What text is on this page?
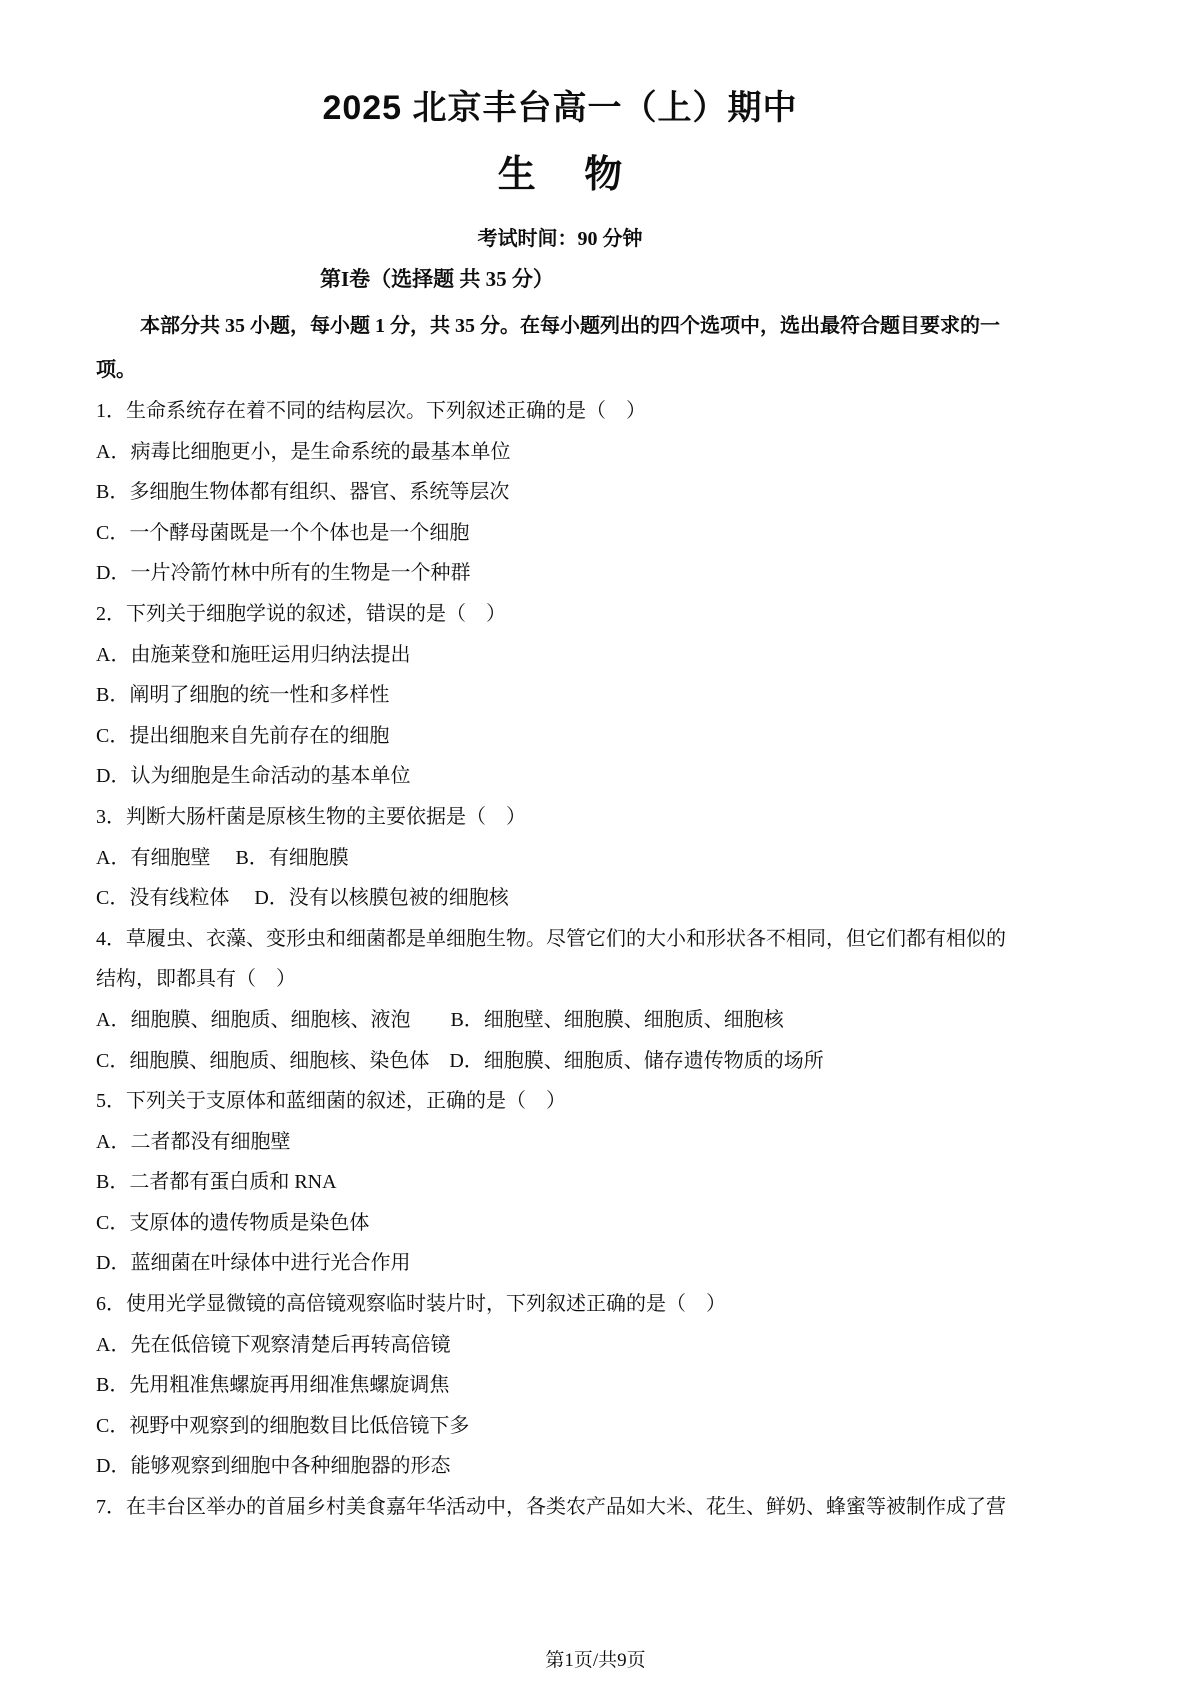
2025 北京丰台高一（上）期中
生　 物
考试时间：90 分钟
第I卷（选择题 共 35 分）
本部分共 35 小题，每小题 1 分，共 35 分。在每小题列出的四个选项中，选出最符合题目要求的一
项。
1．生命系统存在着不同的结构层次。下列叙述正确的是（　）
A．病毒比细胞更小，是生命系统的最基本单位
B．多细胞生物体都有组织、器官、系统等层次
C．一个酵母菌既是一个个体也是一个细胞
D．一片冷箭竹林中所有的生物是一个种群
2．下列关于细胞学说的叙述，错误的是（　）
A．由施莱登和施旺运用归纳法提出
B．阐明了细胞的统一性和多样性
C．提出细胞来自先前存在的细胞
D．认为细胞是生命活动的基本单位
3．判断大肠杆菌是原核生物的主要依据是（　）
A．有细胞壁　 B．有细胞膜
C．没有线粒体　 D．没有以核膜包被的细胞核
4．草履虫、衣藻、变形虫和细菌都是单细胞生物。尽管它们的大小和形状各不相同，但它们都有相似的
结构，即都具有（　）
A．细胞膜、细胞质、细胞核、液泡　　B．细胞壁、细胞膜、细胞质、细胞核
C．细胞膜、细胞质、细胞核、染色体　D．细胞膜、细胞质、储存遗传物质的场所
5．下列关于支原体和蓝细菌的叙述，正确的是（　）
A．二者都没有细胞壁
B．二者都有蛋白质和 RNA
C．支原体的遗传物质是染色体
D．蓝细菌在叶绿体中进行光合作用
6．使用光学显微镜的高倍镜观察临时装片时，下列叙述正确的是（　）
A．先在低倍镜下观察清楚后再转高倍镜
B．先用粗准焦螺旋再用细准焦螺旋调焦
C．视野中观察到的细胞数目比低倍镜下多
D．能够观察到细胞中各种细胞器的形态
7．在丰台区举办的首届乡村美食嘉年华活动中，各类农产品如大米、花生、鲜奶、蜂蜜等被制作成了营
第1页/共9页
